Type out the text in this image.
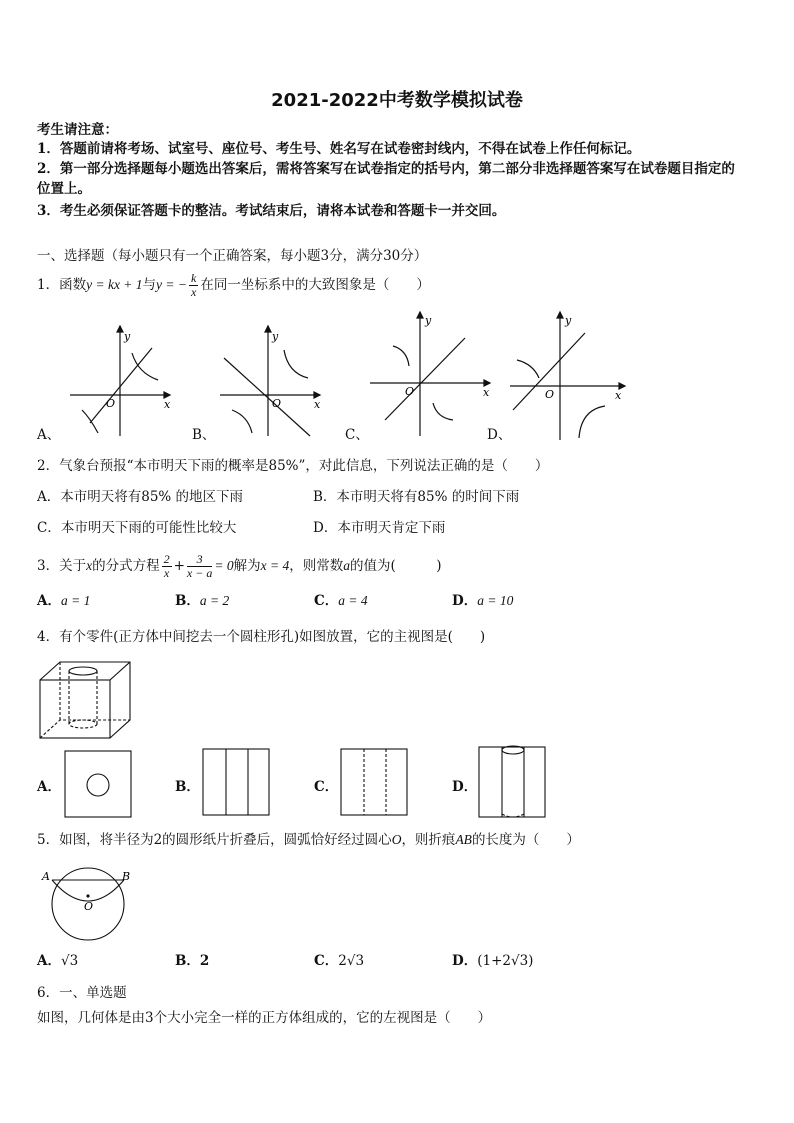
2021-2022中考数学模拟试卷
考生请注意：
1．答题前请将考场、试室号、座位号、考生号、姓名写在试卷密封线内，不得在试卷上作任何标记。
2．第一部分选择题每小题选出答案后，需将答案写在试卷指定的括号内，第二部分非选择题答案写在试卷题目指定的
位置上。
3．考生必须保证答题卡的整洁。考试结束后，请将本试卷和答题卡一并交回。
一、选择题（每小题只有一个正确答案，每小题3分，满分30分）
1．函数y = kx + 1与y = − $\frac{k}{x}$ 在同一坐标系中的大致图象是（　　）
y
x
O
A、
y
x
O
B、
y
x
O
C、
y
x
O
D、
2．气象台预报“本市明天下雨的概率是85%”，对此信息，下列说法正确的是（　　）
A．本市明天将有85% 的地区下雨	B．本市明天将有85% 的时间下雨
C．本市明天下雨的可能性比较大	D．本市明天肯定下雨
3．关于x的分式方程 $\frac{2}{x} + \frac{3}{x - a} = 0$解为x = 4，则常数a的值为(　　　)
A．a = 1	B．a = 2	C．a = 4	D．a = 10
4．有个零件(正方体中间挖去一个圆柱形孔)如图放置，它的主视图是(　　)
A．	B．	C．	D．
5．如图，将半径为2的圆形纸片折叠后，圆弧恰好经过圆心O，则折痕AB的长度为（　　）
A	B
O
A．√3	B．2	C．2√3	D．(1+2√3)
6．一、单选题
如图，几何体是由3个大小完全一样的正方体组成的，它的左视图是（　　）
